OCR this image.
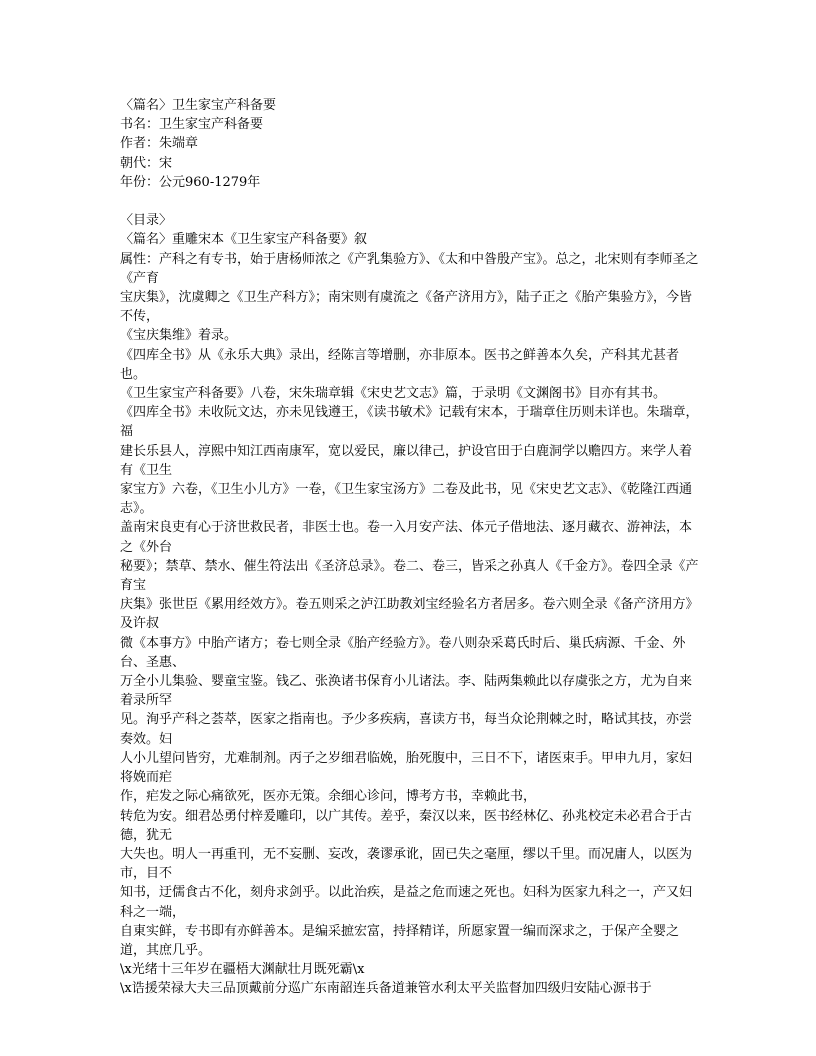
〈篇名〉卫生家宝产科备要

书名：卫生家宝产科备要

作者：朱端章

朝代：宋

年份：公元960-1279年

〈目录〉

〈篇名〉重雕宋本《卫生家宝产科备要》叙

属性：产科之有专书，始于唐杨师浓之《产乳集验方》、《太和中昝殷产宝》。总之，北宋则有李师圣之《产育

宝庆集》，沈虞卿之《卫生产科方》；南宋则有虞流之《备产济用方》，陆子正之《胎产集验方》，今皆不传，

《宝庆集维》着录。

《四库全书》从《永乐大典》录出，经陈言等增删，亦非原本。医书之鲜善本久矣，产科其尤甚者也。

《卫生家宝产科备要》八卷，宋朱瑞章辑《宋史艺文志》篇，于录明《文渊阁书》目亦有其书。

《四库全书》未收阮文达，亦未见钱遵王，《读书敏术》记载有宋本，于瑞章住历则未详也。朱瑞章，福

建长乐县人，淳熙中知江西南康军，宽以爱民，廉以律己，护设官田于白鹿洞学以赡四方。来学人着有《卫生

家宝方》六卷，《卫生小儿方》一卷，《卫生家宝汤方》二卷及此书，见《宋史艺文志》、《乾隆江西通志》。

盖南宋良吏有心于济世救民者，非医士也。卷一入月安产法、体元子借地法、逐月藏衣、游神法，本之《外台

秘要》；禁草、禁水、催生符法出《圣济总录》。卷二、卷三，皆采之孙真人《千金方》。卷四全录《产育宝

庆集》张世臣《累用经效方》。卷五则采之泸江助教刘宝经验名方者居多。卷六则全录《备产济用方》及许叔

微《本事方》中胎产诸方；卷七则全录《胎产经验方》。卷八则杂采葛氏时后、巢氏病源、千金、外台、圣惠、

万全小儿集验、婴童宝鉴。钱乙、张涣诸书保育小儿诸法。李、陆两集赖此以存虞张之方，尤为自来着录所罕

见。洵乎产科之荟萃，医家之指南也。予少多疾病，喜读方书，每当众论荆棘之时，略试其技，亦尝奏效。妇

人小儿望问皆穷，尤难制剂。丙子之岁细君临娩，胎死腹中，三日不下，诸医束手。甲申九月，家妇将娩而疟

作，疟发之际心痛欲死，医亦无策。余细心诊问，博考方书，幸赖此书，

转危为安。细君怂勇付梓爰雕印，以广其传。差乎，秦汉以来，医书经林亿、孙兆校定未必君合于古德，犹无

大失也。明人一再重刊，无不妄删、妄改，袭谬承讹，固已失之毫厘，缪以千里。而况庸人，以医为市，目不

知书，迂儒食古不化，刻舟求剑乎。以此治疾，是益之危而速之死也。妇科为医家九科之一，产又妇科之一端，

自東实鲜，专书即有亦鲜善本。是编采摭宏富，持择精详，所愿家置一编而深求之，于保产全婴之道，其庶几乎。

\x光绪十三年岁在疆梧大渊献壮月既死霸\x

\x诰援荣禄大夫三品顶戴前分巡广东南韶连兵备道兼管水利太平关监督加四级归安陆心源书于
